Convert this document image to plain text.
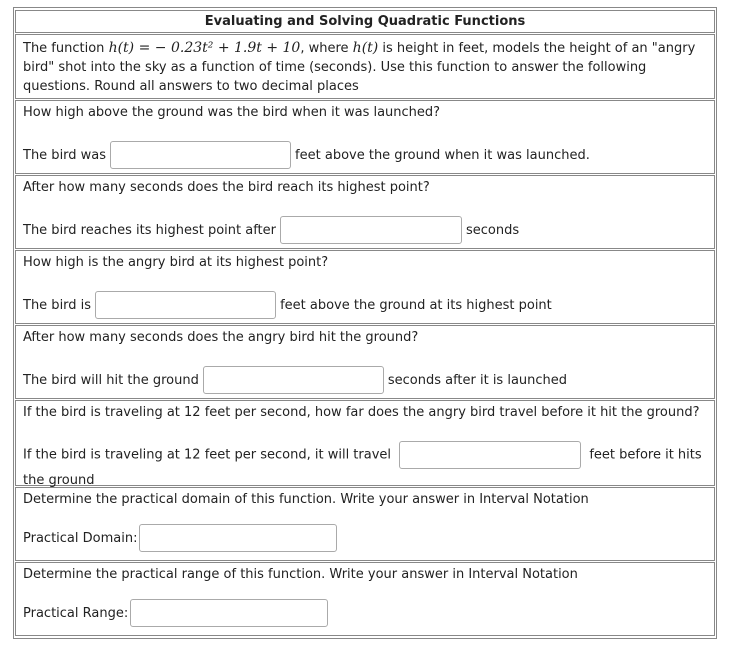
Evaluating and Solving Quadratic Functions
The function h(t) = − 0.23t² + 1.9t + 10, where h(t) is height in feet, models the height of an "angry bird" shot into the sky as a function of time (seconds). Use this function to answer the following questions. Round all answers to two decimal places
How high above the ground was the bird when it was launched?
The bird was	feet above the ground when it was launched.
After how many seconds does the bird reach its highest point?
The bird reaches its highest point after	seconds
How high is the angry bird at its highest point?
The bird is	feet above the ground at its highest point
After how many seconds does the angry bird hit the ground?
The bird will hit the ground	seconds after it is launched
If the bird is traveling at 12 feet per second, how far does the angry bird travel before it hit the ground?
If the bird is traveling at 12 feet per second, it will travel	feet before it hits the ground
Determine the practical domain of this function. Write your answer in Interval Notation
Practical Domain:
Determine the practical range of this function. Write your answer in Interval Notation
Practical Range:
